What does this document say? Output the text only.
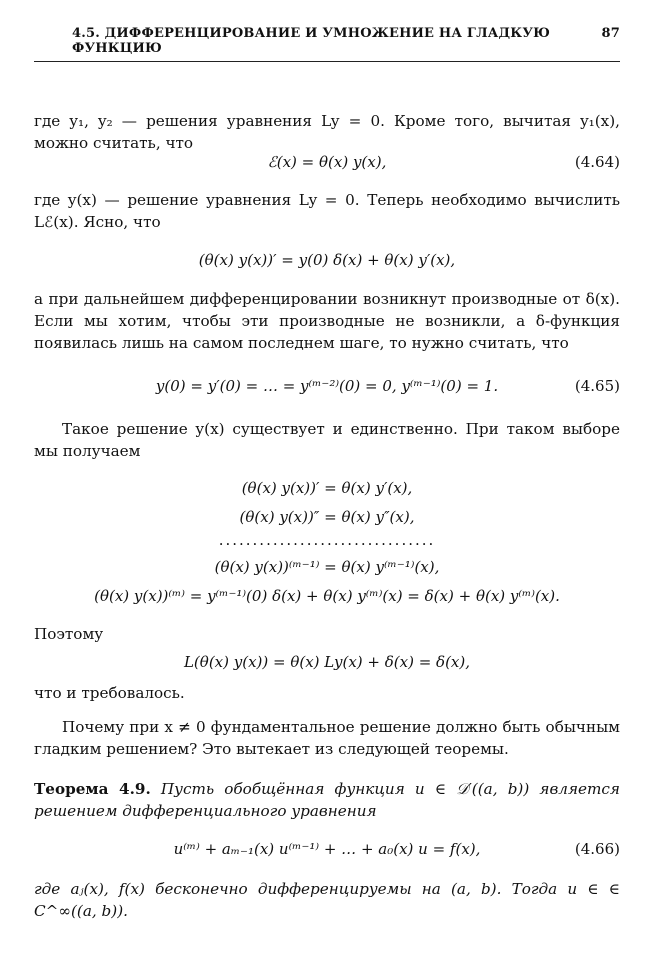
4.5. ДИФФЕРЕНЦИРОВАНИЕ И УМНОЖЕНИЕ НА ГЛАДКУЮ ФУНКЦИЮ
87

где y₁, y₂ — решения уравнения Ly = 0. Кроме того, вычитая y₁(x), можно считать, что

ℰ(x) = θ(x) y(x),	(4.64)

где y(x) — решение уравнения Ly = 0. Теперь необходимо вычислить Lℰ(x). Ясно, что

(θ(x) y(x))′ = y(0) δ(x) + θ(x) y′(x),

а при дальнейшем дифференцировании возникнут производные от δ(x). Если мы хотим, чтобы эти производные не возникли, а δ-функция появилась лишь на самом последнем шаге, то нужно считать, что

y(0) = y′(0) = … = y⁽ᵐ⁻²⁾(0) = 0, y⁽ᵐ⁻¹⁾(0) = 1.	(4.65)

Такое решение y(x) существует и единственно. При таком выборе мы получаем

(θ(x) y(x))′ = θ(x) y′(x),
(θ(x) y(x))″ = θ(x) y″(x),
................................
(θ(x) y(x))⁽ᵐ⁻¹⁾ = θ(x) y⁽ᵐ⁻¹⁾(x),
(θ(x) y(x))⁽ᵐ⁾ = y⁽ᵐ⁻¹⁾(0) δ(x) + θ(x) y⁽ᵐ⁾(x) = δ(x) + θ(x) y⁽ᵐ⁾(x).

Поэтому

L(θ(x) y(x)) = θ(x) Ly(x) + δ(x) = δ(x),

что и требовалось.

Почему при x ≠ 0 фундаментальное решение должно быть обычным гладким решением? Это вытекает из следующей теоремы.

Теорема 4.9. Пусть обобщённая функция u ∈ 𝒟′((a, b)) является решением дифференциального уравнения

u⁽ᵐ⁾ + aₘ₋₁(x) u⁽ᵐ⁻¹⁾ + … + a₀(x) u = f(x),	(4.66)

где aⱼ(x), f(x) бесконечно дифференцируемы на (a, b). Тогда u ∈ ∈ C^∞((a, b)).
